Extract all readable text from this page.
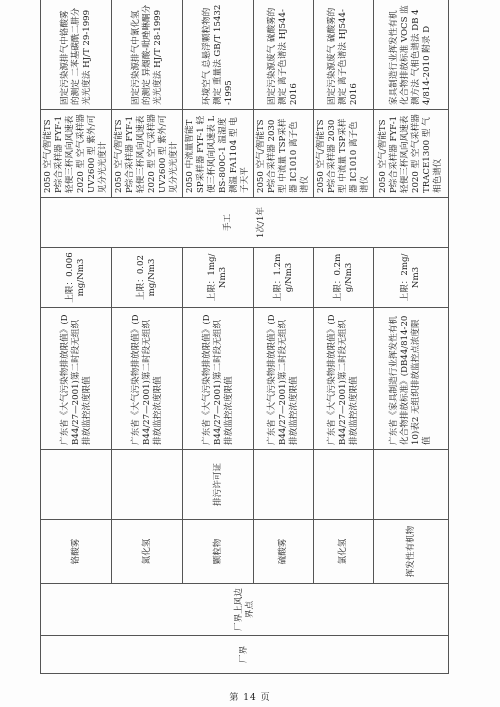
厂界	厂界上风边界点	铬酸雾		广东省《大气污染物排放限值》(DB44/27—2001)第二时段无组织排放监控浓度限值	上限：0.006mg/Nm3	手工 1次/1年	2050 空气/智能TSP综合采样器 FYF-1 轻便三杯风向风速表 2020 型 空气采样器 UV2600 型 紫外/可见分光光度计	固定污染源排气中铬酸雾的测定 二苯基碳酰二肼分光光度法 HJ/T 29-1999
		氮化氢		广东省《大气污染物排放限值》(DB44/27—2001)第二时段无组织排放监控浓度限值	上限：0.02mg/Nm3		2050 空气/智能TSP综合采样器 FYF-1 轻便三杯风向风速表 2020 型 空气采样器 UV2600 型 紫外/可见分光光度计	固定污染源排气中氰化氢的测定 异烟酸-吡唑啉酮分光光度法 HJ/T 28-1999
		颗粒物	排污许可证	广东省《大气污染物排放限值》(DB44/27—2001)第二时段无组织排放监控浓度限值	上限：1mg/Nm3		2050 中流量智能TSP采样器 FYF-1 轻便三杯风向风速表 LBS-800C-1 温湿度测温 FA1104 型 电子天平	环境空气 总悬浮颗粒物的测定 重量法 GB/T 15432-1995
		硫酸雾		广东省《大气污染物排放限值》(DB44/27—2001)第二时段无组织排放监控浓度限值	上限：1.2mg/Nm3		2050 空气/智能TSP综合采样器 2030型 中流量 TSP采样器 IC1010 离子色谱仪	固定污染源废气 硫酸雾的测定 离子色谱法 HJ544-2016
		氯化氢		广东省《大气污染物排放限值》(DB44/27—2001)第二时段无组织排放监控浓度限值	上限：0.2mg/Nm3		2050 空气/智能TSP综合采样器 2030型 中流量 TSP采样器 IC1010 离子色谱仪	固定污染源废气 硫酸雾的测定 离子色谱法 HJ544-2016
		挥发性有机物		广东省《家具制造行业挥发性有机化合物排放标准》(DB44/814-2010)表2 无组织排放监控点浓度限值	上限：2mg/Nm3		2050 空气/智能TSP综合采样器 FYF-1 轻便三杯风向风速表 2020 型 空气采样器 TRACE1300 型 气相色谱仪	家具制造行业挥发性有机化合物排放标准 VOCS 监测方法 气相色谱法 DB 44/814-2010 附录 D
第 14 页
